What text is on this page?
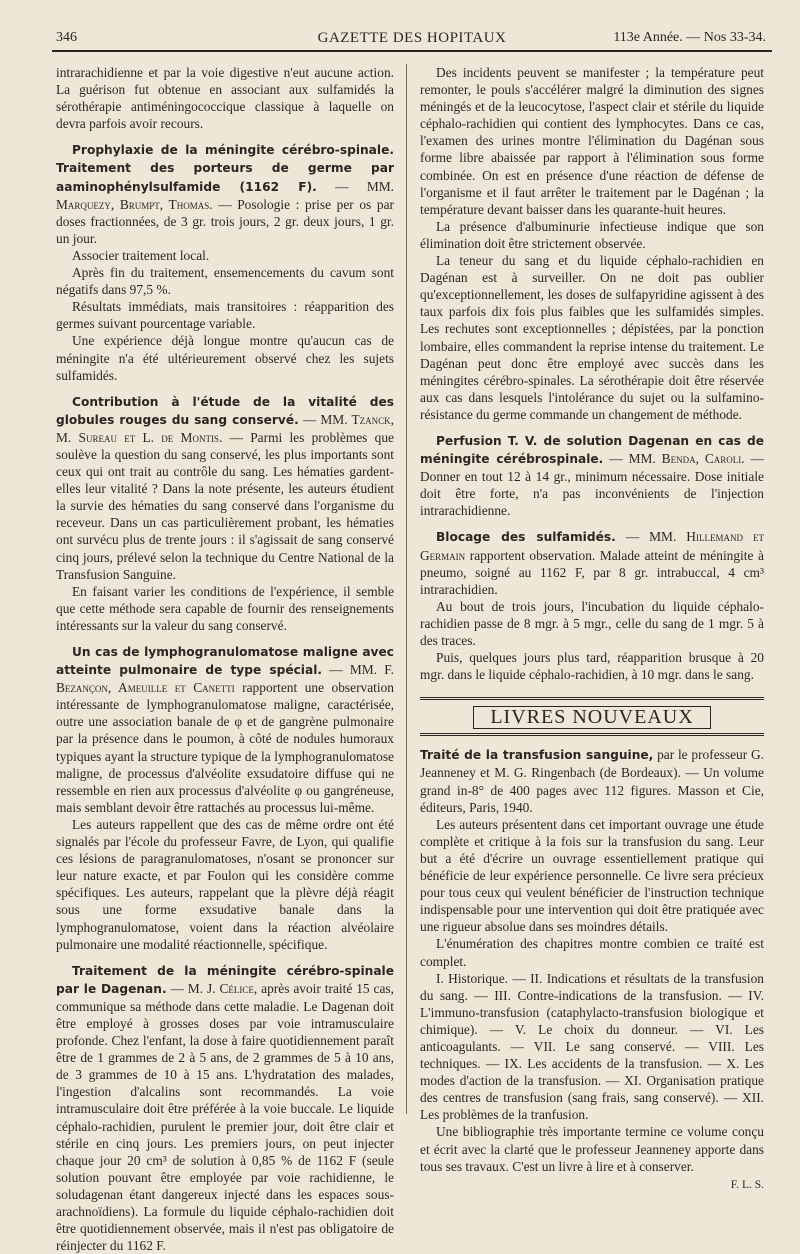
346	GAZETTE DES HOPITAUX	113e Année. — Nos 33-34.

intrarachidienne et par la voie digestive n'eut aucune action. La guérison fut obtenue en associant aux sulfamidés la sérothérapie antiméningococcique classique à laquelle on devra parfois avoir recours.

Prophylaxie de la méningite cérébro-spinale. Traitement des porteurs de germe par aaminophénylsulfamide (1162 F). — MM. Marquezy, Brumpt, Thomas. — Posologie : prise per os par doses fractionnées, de 3 gr. trois jours, 2 gr. deux jours, 1 gr. un jour.

Associer traitement local.

Après fin du traitement, ensemencements du cavum sont négatifs dans 97,5 %.

Résultats immédiats, mais transitoires : réapparition des germes suivant pourcentage variable.

Une expérience déjà longue montre qu'aucun cas de méningite n'a été ultérieurement observé chez les sujets sulfamidés.

Contribution à l'étude de la vitalité des globules rouges du sang conservé. — MM. Tzanck, M. Sureau et L. de Montis. — Parmi les problèmes que soulève la question du sang conservé, les plus importants sont ceux qui ont trait au contrôle du sang. Les hématies gardent-elles leur vitalité ? Dans la note présente, les auteurs étudient la survie des hématies du sang conservé dans l'organisme du receveur. Dans un cas particulièrement probant, les hématies ont survécu plus de trente jours : il s'agissait de sang conservé cinq jours, prélevé selon la technique du Centre National de la Transfusion Sanguine.

En faisant varier les conditions de l'expérience, il semble que cette méthode sera capable de fournir des renseignements intéressants sur la valeur du sang conservé.

Un cas de lymphogranulomatose maligne avec atteinte pulmonaire de type spécial. — MM. F. Bezançon, Ameuille et Canetti rapportent une observation intéressante de lymphogranulomatose maligne, caractérisée, outre une association banale de φ et de gangrène pulmonaire par la présence dans le poumon, à côté de nodules humoraux typiques ayant la structure typique de la lymphogranulomatose maligne, de processus d'alvéolite exsudatoire diffuse qui ne ressemble en rien aux processus d'alvéolite φ ou gangréneuse, mais semblant devoir être rattachés au processus lui-même.

Les auteurs rappellent que des cas de même ordre ont été signalés par l'école du professeur Favre, de Lyon, qui qualifie ces lésions de paragranulomatoses, n'osant se prononcer sur leur nature exacte, et par Foulon qui les considère comme spécifiques. Les auteurs, rappelant que la plèvre déjà réagit sous une forme exsudative banale dans la lymphogranulomatose, voient dans la réaction alvéolaire pulmonaire une modalité réactionnelle, spécifique.

Traitement de la méningite cérébro-spinale par le Dagenan. — M. J. Célice, après avoir traité 15 cas, communique sa méthode dans cette maladie. Le Dagenan doit être employé à grosses doses par voie intramusculaire profonde. Chez l'enfant, la dose à faire quotidiennement paraît être de 1 grammes de 2 à 5 ans, de 2 grammes de 5 à 10 ans, de 3 grammes de 10 à 15 ans. L'hydratation des malades, l'ingestion d'alcalins sont recommandés. La voie intramusculaire doit être préférée à la voie buccale. Le liquide céphalo-rachidien, purulent le premier jour, doit être clair et stérile en cinq jours. Les premiers jours, on peut injecter chaque jour 20 cm³ de solution à 0,85 % de 1162 F (seule solution pouvant être employée par voie rachidienne, le soludagenan étant dangereux injecté dans les espaces sous-arachnoïdiens). La formule du liquide céphalo-rachidien doit être quotidiennement observée, mais il n'est pas obligatoire de réinjecter du 1162 F.

Des incidents peuvent se manifester ; la température peut remonter, le pouls s'accélérer malgré la diminution des signes méningés et de la leucocytose, l'aspect clair et stérile du liquide céphalo-rachidien qui contient des lymphocytes. Dans ce cas, l'examen des urines montre l'élimination du Dagénan sous forme libre abaissée par rapport à l'élimination sous forme combinée. On est en présence d'une réaction de défense de l'organisme et il faut arrêter le traitement par le Dagénan ; la température devant baisser dans les quarante-huit heures.

La présence d'albuminurie infectieuse indique que son élimination doit être strictement observée.

La teneur du sang et du liquide céphalo-rachidien en Dagénan est à surveiller. On ne doit pas oublier qu'exceptionnellement, les doses de sulfapyridine agissent à des taux parfois dix fois plus faibles que les sulfamidés simples. Les rechutes sont exceptionnelles ; dépistées, par la ponction lombaire, elles commandent la reprise intense du traitement. Le Dagénan peut donc être employé avec succès dans les méningites cérébro-spinales. La sérothérapie doit être réservée aux cas dans lesquels l'intolérance du sujet ou la sulfamino-résistance du germe commande un changement de méthode.

Perfusion T. V. de solution Dagenan en cas de méningite cérébrospinale. — MM. Benda, Caroli. — Donner en tout 12 à 14 gr., minimum nécessaire. Dose initiale doit être forte, n'a pas inconvénients de l'injection intrarachidienne.

Blocage des sulfamidés. — MM. Hillemand et Germain rapportent observation. Malade atteint de méningite à pneumo, soigné au 1162 F, par 8 gr. intrabuccal, 4 cm³ intrarachidien.

Au bout de trois jours, l'incubation du liquide céphalo-rachidien passe de 8 mgr. à 5 mgr., celle du sang de 1 mgr. 5 à des traces.

Puis, quelques jours plus tard, réapparition brusque à 20 mgr. dans le liquide céphalo-rachidien, à 10 mgr. dans le sang.

LIVRES NOUVEAUX

Traité de la transfusion sanguine, par le professeur G. Jeanneney et M. G. Ringenbach (de Bordeaux). — Un volume grand in-8° de 400 pages avec 112 figures. Masson et Cie, éditeurs, Paris, 1940.

Les auteurs présentent dans cet important ouvrage une étude complète et critique à la fois sur la transfusion du sang. Leur but a été d'écrire un ouvrage essentiellement pratique qui bénéficie de leur expérience personnelle. Ce livre sera précieux pour tous ceux qui veulent bénéficier de l'instruction technique indispensable pour une intervention qui doit être pratiquée avec une rigueur absolue dans ses moindres détails.

L'énumération des chapitres montre combien ce traité est complet.

I. Historique. — II. Indications et résultats de la transfusion du sang. — III. Contre-indications de la transfusion. — IV. L'immuno-transfusion (cataphylacto-transfusion biologique et chimique). — V. Le choix du donneur. — VI. Les anticoagulants. — VII. Le sang conservé. — VIII. Les techniques. — IX. Les accidents de la transfusion. — X. Les modes d'action de la transfusion. — XI. Organisation pratique des centres de transfusion (sang frais, sang conservé). — XII. Les problèmes de la tranfusion.

Une bibliographie très importante termine ce volume conçu et écrit avec la clarté que le professeur Jeanneney apporte dans tous ses travaux. C'est un livre à lire et à conserver.

F. L. S.
